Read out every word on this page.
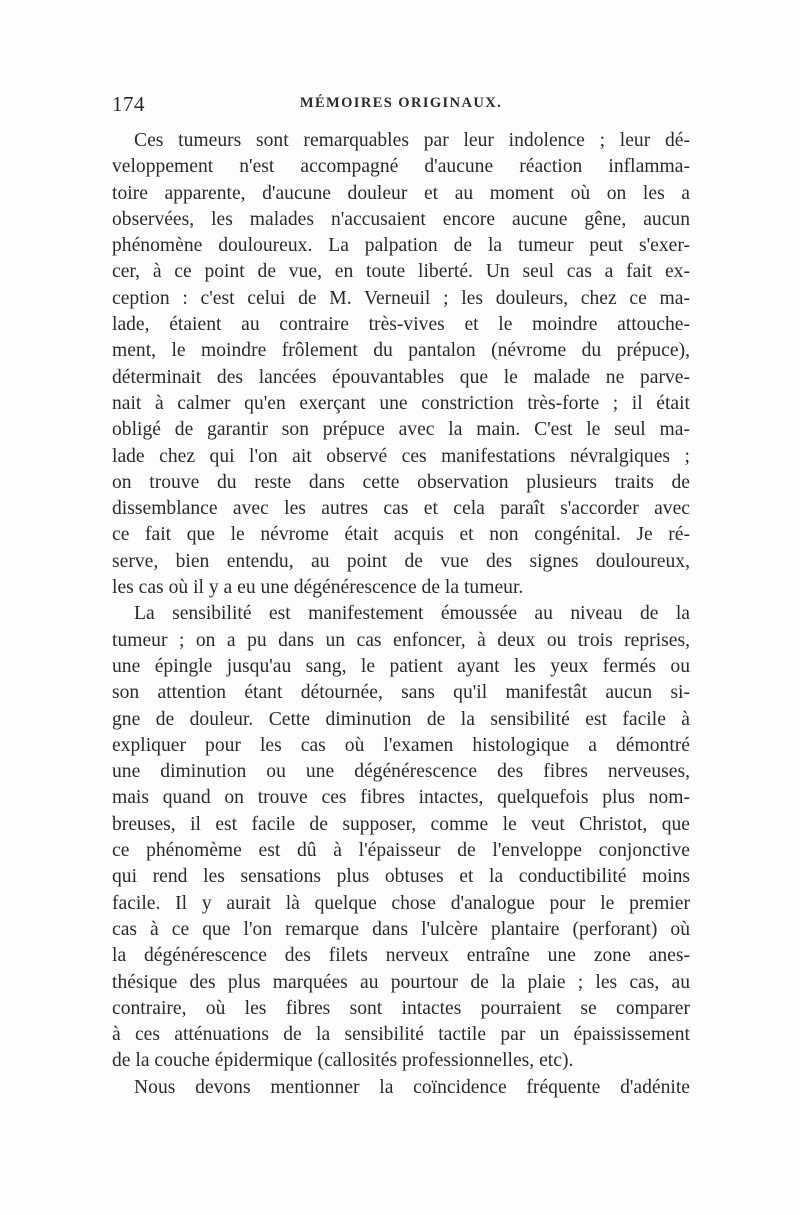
174	MÉMOIRES ORIGINAUX.
Ces tumeurs sont remarquables par leur indolence ; leur dé-
veloppement n'est accompagné d'aucune réaction inflamma-
toire apparente, d'aucune douleur et au moment où on les a
observées, les malades n'accusaient encore aucune gêne, aucun
phénomène douloureux. La palpation de la tumeur peut s'exer-
cer, à ce point de vue, en toute liberté. Un seul cas a fait ex-
ception : c'est celui de M. Verneuil ; les douleurs, chez ce ma-
lade, étaient au contraire très-vives et le moindre attouche-
ment, le moindre frôlement du pantalon (névrome du prépuce),
déterminait des lancées épouvantables que le malade ne parve-
nait à calmer qu'en exerçant une constriction très-forte ; il était
obligé de garantir son prépuce avec la main. C'est le seul ma-
lade chez qui l'on ait observé ces manifestations névralgiques ;
on trouve du reste dans cette observation plusieurs traits de
dissemblance avec les autres cas et cela paraît s'accorder avec
ce fait que le névrome était acquis et non congénital. Je ré-
serve, bien entendu, au point de vue des signes douloureux,
les cas où il y a eu une dégénérescence de la tumeur.
La sensibilité est manifestement émoussée au niveau de la
tumeur ; on a pu dans un cas enfoncer, à deux ou trois reprises,
une épingle jusqu'au sang, le patient ayant les yeux fermés ou
son attention étant détournée, sans qu'il manifestât aucun si-
gne de douleur. Cette diminution de la sensibilité est facile à
expliquer pour les cas où l'examen histologique a démontré
une diminution ou une dégénérescence des fibres nerveuses,
mais quand on trouve ces fibres intactes, quelquefois plus nom-
breuses, il est facile de supposer, comme le veut Christot, que
ce phénomème est dû à l'épaisseur de l'enveloppe conjonctive
qui rend les sensations plus obtuses et la conductibilité moins
facile. Il y aurait là quelque chose d'analogue pour le premier
cas à ce que l'on remarque dans l'ulcère plantaire (perforant) où
la dégénérescence des filets nerveux entraîne une zone anes-
thésique des plus marquées au pourtour de la plaie ; les cas, au
contraire, où les fibres sont intactes pourraient se comparer
à ces atténuations de la sensibilité tactile par un épaississement
de la couche épidermique (callosités professionnelles, etc).
Nous devons mentionner la coïncidence fréquente d'adénite
